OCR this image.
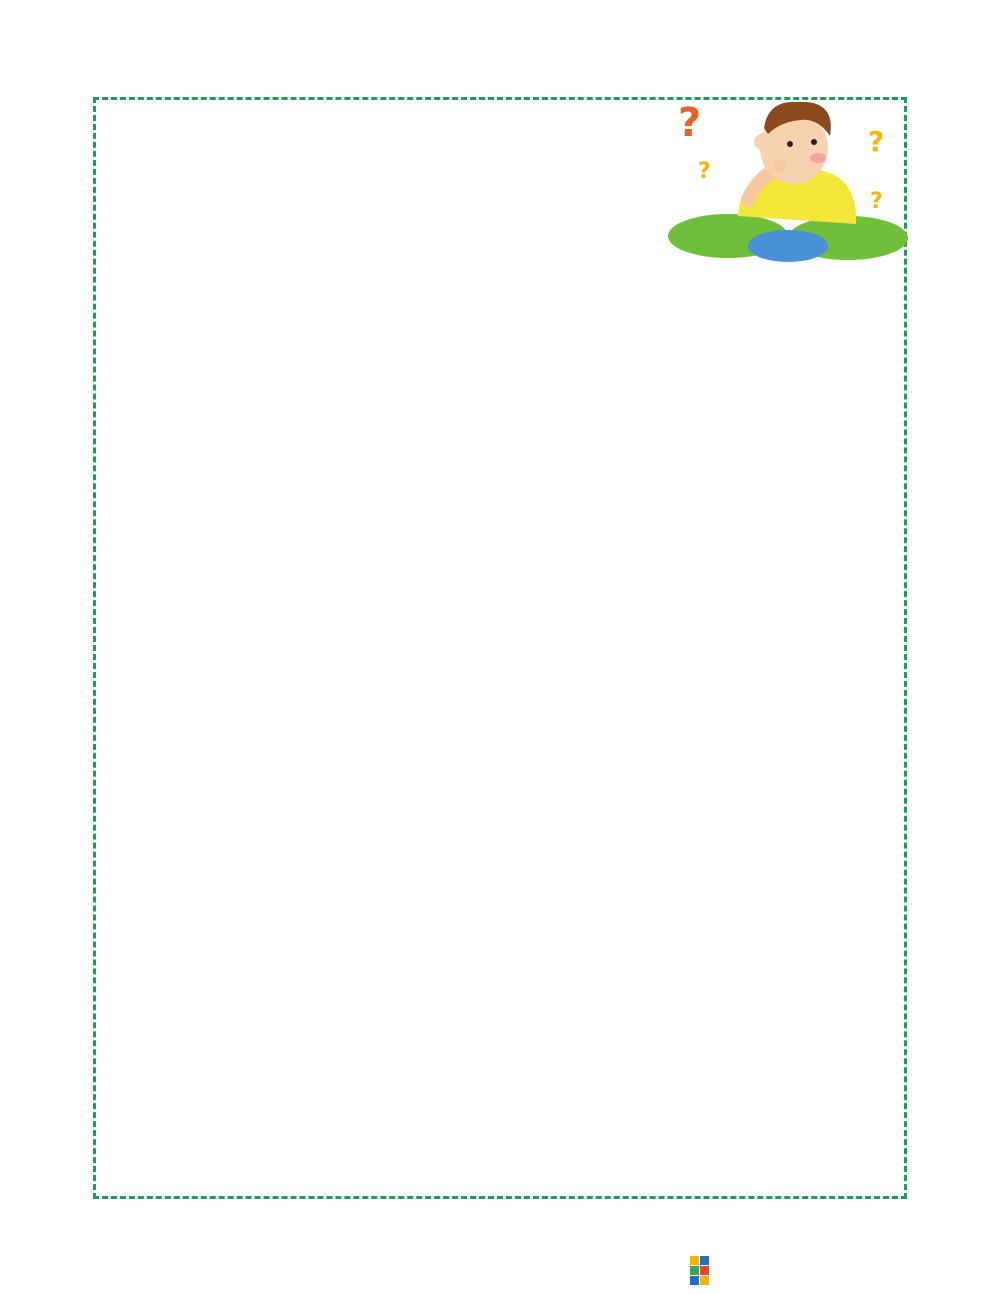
?
?
?
?
